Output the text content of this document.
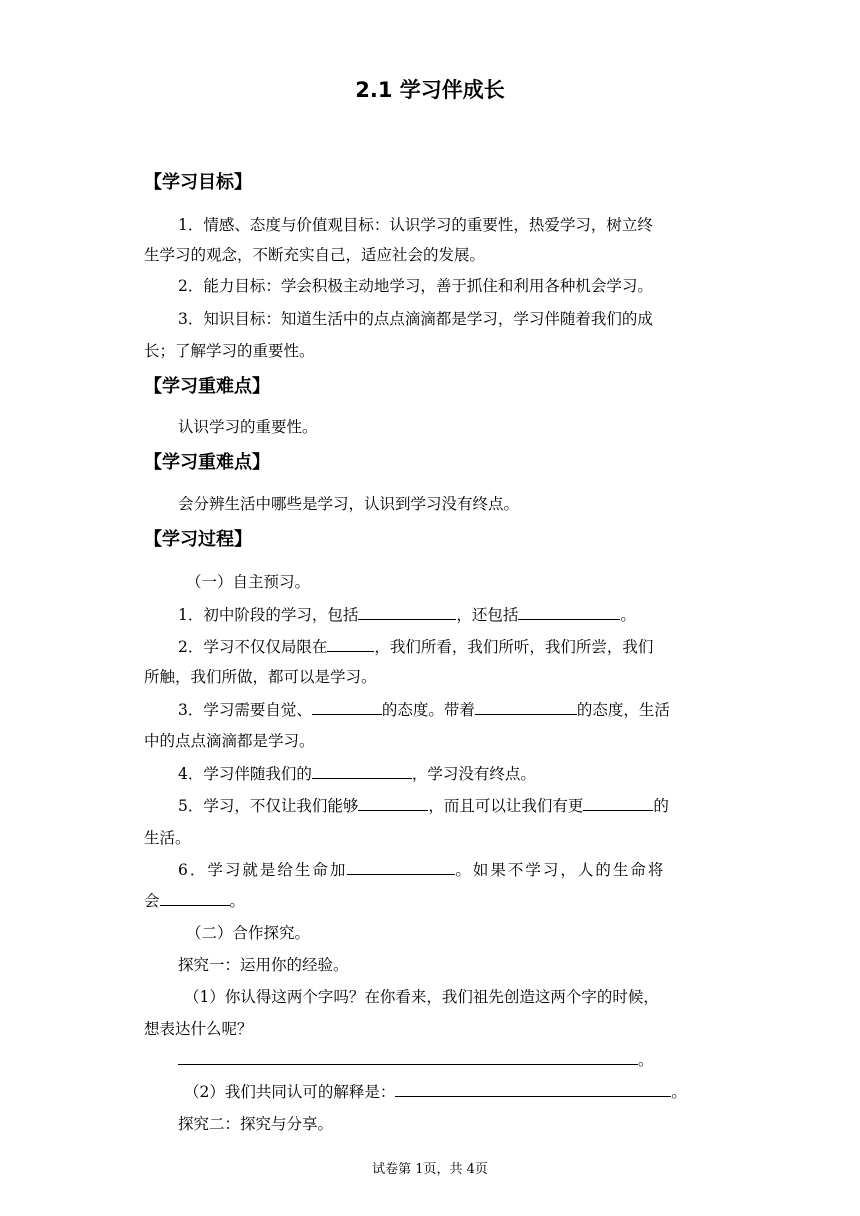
2.1 学习伴成长
【学习目标】
1．情感、态度与价值观目标：认识学习的重要性，热爱学习，树立终
生学习的观念，不断充实自己，适应社会的发展。
2．能力目标：学会积极主动地学习，善于抓住和利用各种机会学习。
3．知识目标：知道生活中的点点滴滴都是学习，学习伴随着我们的成
长；了解学习的重要性。
【学习重难点】
认识学习的重要性。
【学习重难点】
会分辨生活中哪些是学习，认识到学习没有终点。
【学习过程】
（一）自主预习。
1．初中阶段的学习，包括	，还包括	。
2．学习不仅仅局限在	，我们所看，我们所听，我们所尝，我们
所触，我们所做，都可以是学习。
3．学习需要自觉、	的态度。带着	的态度，生活
中的点点滴滴都是学习。
4．学习伴随我们的	，学习没有终点。
5．学习，不仅让我们能够	，而且可以让我们有更	的
生活。
6．学习就是给生命加	。如果不学习，人的生命将
会	。
（二）合作探究。
探究一：运用你的经验。
（1）你认得这两个字吗？在你看来，我们祖先创造这两个字的时候，
想表达什么呢？
。
（2）我们共同认可的解释是：	。
探究二：探究与分享。
试卷第 1页，共 4页
